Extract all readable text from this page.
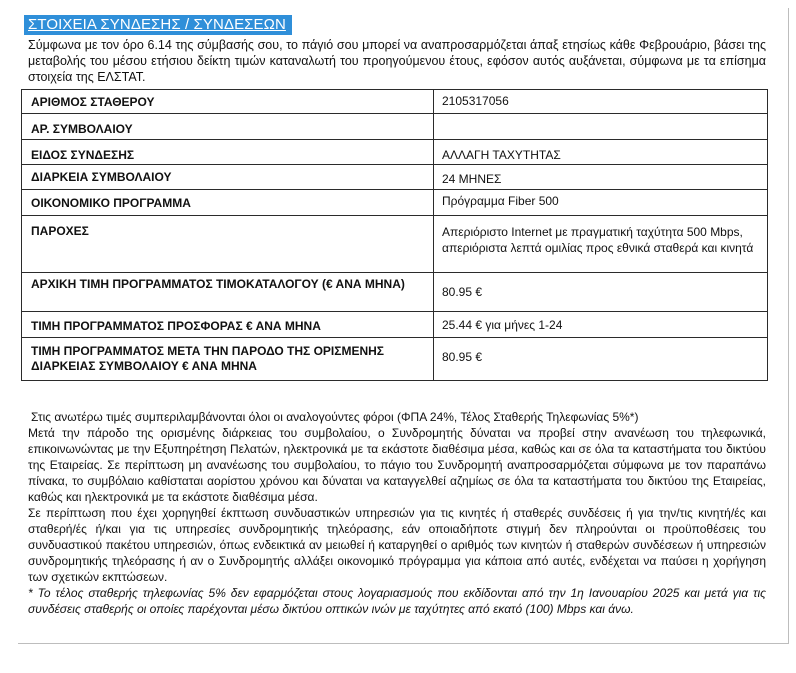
ΣΤΟΙΧΕΙΑ ΣΥΝΔΕΣΗΣ / ΣΥΝΔΕΣΕΩΝ
Σύμφωνα με τον όρο 6.14 της σύμβασής σου, το πάγιό σου μπορεί να αναπροσαρμόζεται άπαξ ετησίως κάθε Φεβρουάριο, βάσει της μεταβολής του μέσου ετήσιου δείκτη τιμών καταναλωτή του προηγούμενου έτους, εφόσον αυτός αυξάνεται, σύμφωνα με τα επίσημα στοιχεία της ΕΛΣΤΑΤ.
ΑΡΙΘΜΟΣ ΣΤΑΘΕΡΟΥ	2105317056
ΑΡ. ΣΥΜΒΟΛΑΙΟΥ	
ΕΙΔΟΣ ΣΥΝΔΕΣΗΣ	ΑΛΛΑΓΗ ΤΑΧΥΤΗΤΑΣ
ΔΙΑΡΚΕΙΑ ΣΥΜΒΟΛΑΙΟΥ	24 ΜΗΝΕΣ
ΟΙΚΟΝΟΜΙΚΟ ΠΡΟΓΡΑΜΜΑ	Πρόγραμμα Fiber 500
ΠΑΡΟΧΕΣ	Απεριόριστο Internet με πραγματική ταχύτητα 500 Mbps, απεριόριστα λεπτά ομιλίας προς εθνικά σταθερά και κινητά
ΑΡΧΙΚΗ ΤΙΜΗ ΠΡΟΓΡΑΜΜΑΤΟΣ ΤΙΜΟΚΑΤΑΛΟΓΟΥ (€ ΑΝΑ ΜΗΝΑ)	80.95 €
ΤΙΜΗ ΠΡΟΓΡΑΜΜΑΤΟΣ ΠΡΟΣΦΟΡΑΣ € ΑΝΑ ΜΗΝΑ	25.44 € για μήνες 1-24
ΤΙΜΗ ΠΡΟΓΡΑΜΜΑΤΟΣ ΜΕΤΑ ΤΗΝ ΠΑΡΟΔΟ ΤΗΣ ΟΡΙΣΜΕΝΗΣ ΔΙΑΡΚΕΙΑΣ ΣΥΜΒΟΛΑΙΟΥ € ΑΝΑ ΜΗΝΑ	80.95 €

Στις ανωτέρω τιμές συμπεριλαμβάνονται όλοι οι αναλογούντες φόροι (ΦΠΑ 24%, Τέλος Σταθερής Τηλεφωνίας 5%*)

Μετά την πάροδο της ορισμένης διάρκειας του συμβολαίου, ο Συνδρομητής δύναται να προβεί στην ανανέωση του τηλεφωνικά, επικοινωνώντας με την Εξυπηρέτηση Πελατών, ηλεκτρονικά με τα εκάστοτε διαθέσιμα μέσα, καθώς και σε όλα τα καταστήματα του δικτύου της Εταιρείας. Σε περίπτωση μη ανανέωσης του συμβολαίου, το πάγιο του Συνδρομητή αναπροσαρμόζεται σύμφωνα με τον παραπάνω πίνακα, το συμβόλαιο καθίσταται αορίστου χρόνου και δύναται να καταγγελθεί αζημίως σε όλα τα καταστήματα του δικτύου της Εταιρείας, καθώς και ηλεκτρονικά με τα εκάστοτε διαθέσιμα μέσα.

Σε περίπτωση που έχει χορηγηθεί έκπτωση συνδυαστικών υπηρεσιών για τις κινητές ή σταθερές συνδέσεις ή για την/τις κινητή/ές και σταθερή/ές ή/και για τις υπηρεσίες συνδρομητικής τηλεόρασης, εάν οποιαδήποτε στιγμή δεν πληρούνται οι προϋποθέσεις του συνδυαστικού πακέτου υπηρεσιών, όπως ενδεικτικά αν μειωθεί ή καταργηθεί ο αριθμός των κινητών ή σταθερών συνδέσεων ή υπηρεσιών συνδρομητικής τηλεόρασης ή αν ο Συνδρομητής αλλάξει οικονομικό πρόγραμμα για κάποια από αυτές, ενδέχεται να παύσει η χορήγηση των σχετικών εκπτώσεων.

* Το τέλος σταθερής τηλεφωνίας 5% δεν εφαρμόζεται στους λογαριασμούς που εκδίδονται από την 1η Ιανουαρίου 2025 και μετά για τις συνδέσεις σταθερής οι οποίες παρέχονται μέσω δικτύου οπτικών ινών με ταχύτητες από εκατό (100) Mbps και άνω.
